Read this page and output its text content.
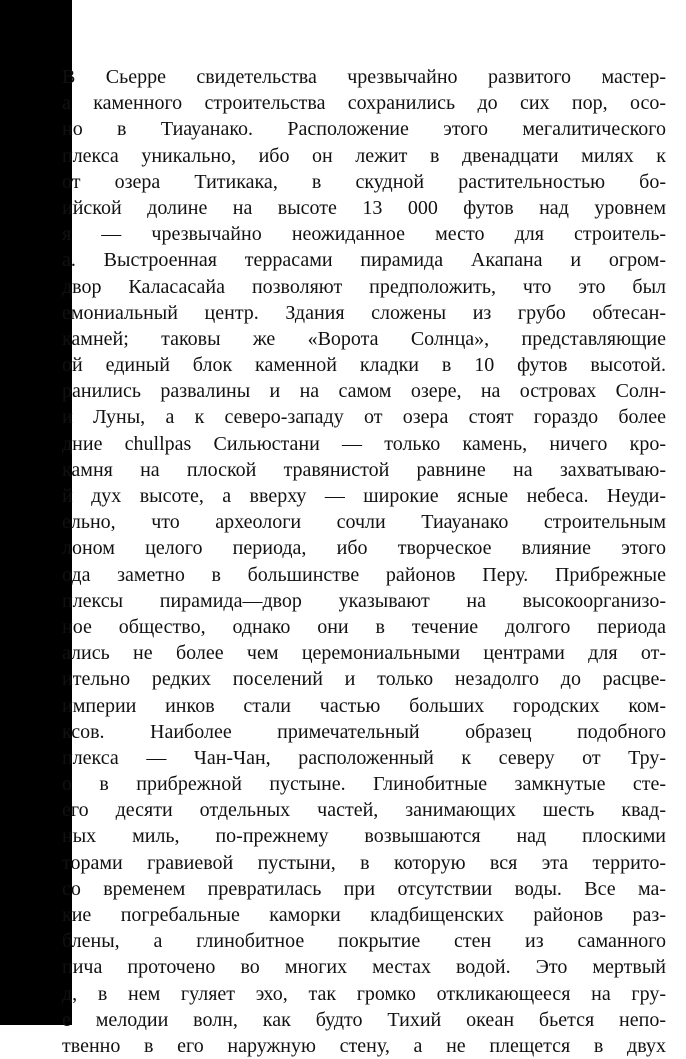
В Сьерре свидетельства чрезвычайно развитого мастер-
а каменного строительства сохранились до сих пор, осо-
но в Тиауанако. Расположение этого мегалитического
плекса уникально, ибо он лежит в двенадцати милях к
от озера Титикака, в скудной растительностью бо-
ийской долине на высоте 13 000 футов над уровнем
я — чрезвычайно неожиданное место для строитель-
а. Выстроенная террасами пирамида Акапана и огром-
двор Каласасайа позволяют предположить, что это был
емониальный центр. Здания сложены из грубо обтесан-
камней; таковы же «Ворота Солнца», представляющие
ой единый блок каменной кладки в 10 футов высотой.
ранились развалины и на самом озере, на островах Солн-
и Луны, а к северо-западу от озера стоят гораздо более
дние chullpas Сильюстани — только камень, ничего кро-
камня на плоской травянистой равнине на захватываю-
й дух высоте, а вверху — широкие ясные небеса. Неуди-
ельно, что археологи сочли Тиауанако строительным
лоном целого периода, ибо творческое влияние этого
ода заметно в большинстве районов Перу. Прибрежные
плексы пирамида—двор указывают на высокоорганизо-
ное общество, однако они в течение долгого периода
ались не более чем церемониальными центрами для от-
ительно редких поселений и только незадолго до расцве-
империи инков стали частью больших городских ком-
ксов. Наиболее примечательный образец подобного
плекса — Чан-Чан, расположенный к северу от Тру-
о в прибрежной пустыне. Глинобитные замкнутые сте-
его десяти отдельных частей, занимающих шесть квад-
ных миль, по-прежнему возвышаются над плоскими
торами гравиевой пустыни, в которую вся эта террито-
со временем превратилась при отсутствии воды. Все ма-
кие погребальные каморки кладбищенских районов раз-
блены, а глинобитное покрытие стен из саманного
пича проточено во многих местах водой. Это мертвый
д, в нем гуляет эхо, так громко откликающееся на гру-
е мелодии волн, как будто Тихий океан бьется непо-
твенно в его наружную стену, а не плещется в двух
